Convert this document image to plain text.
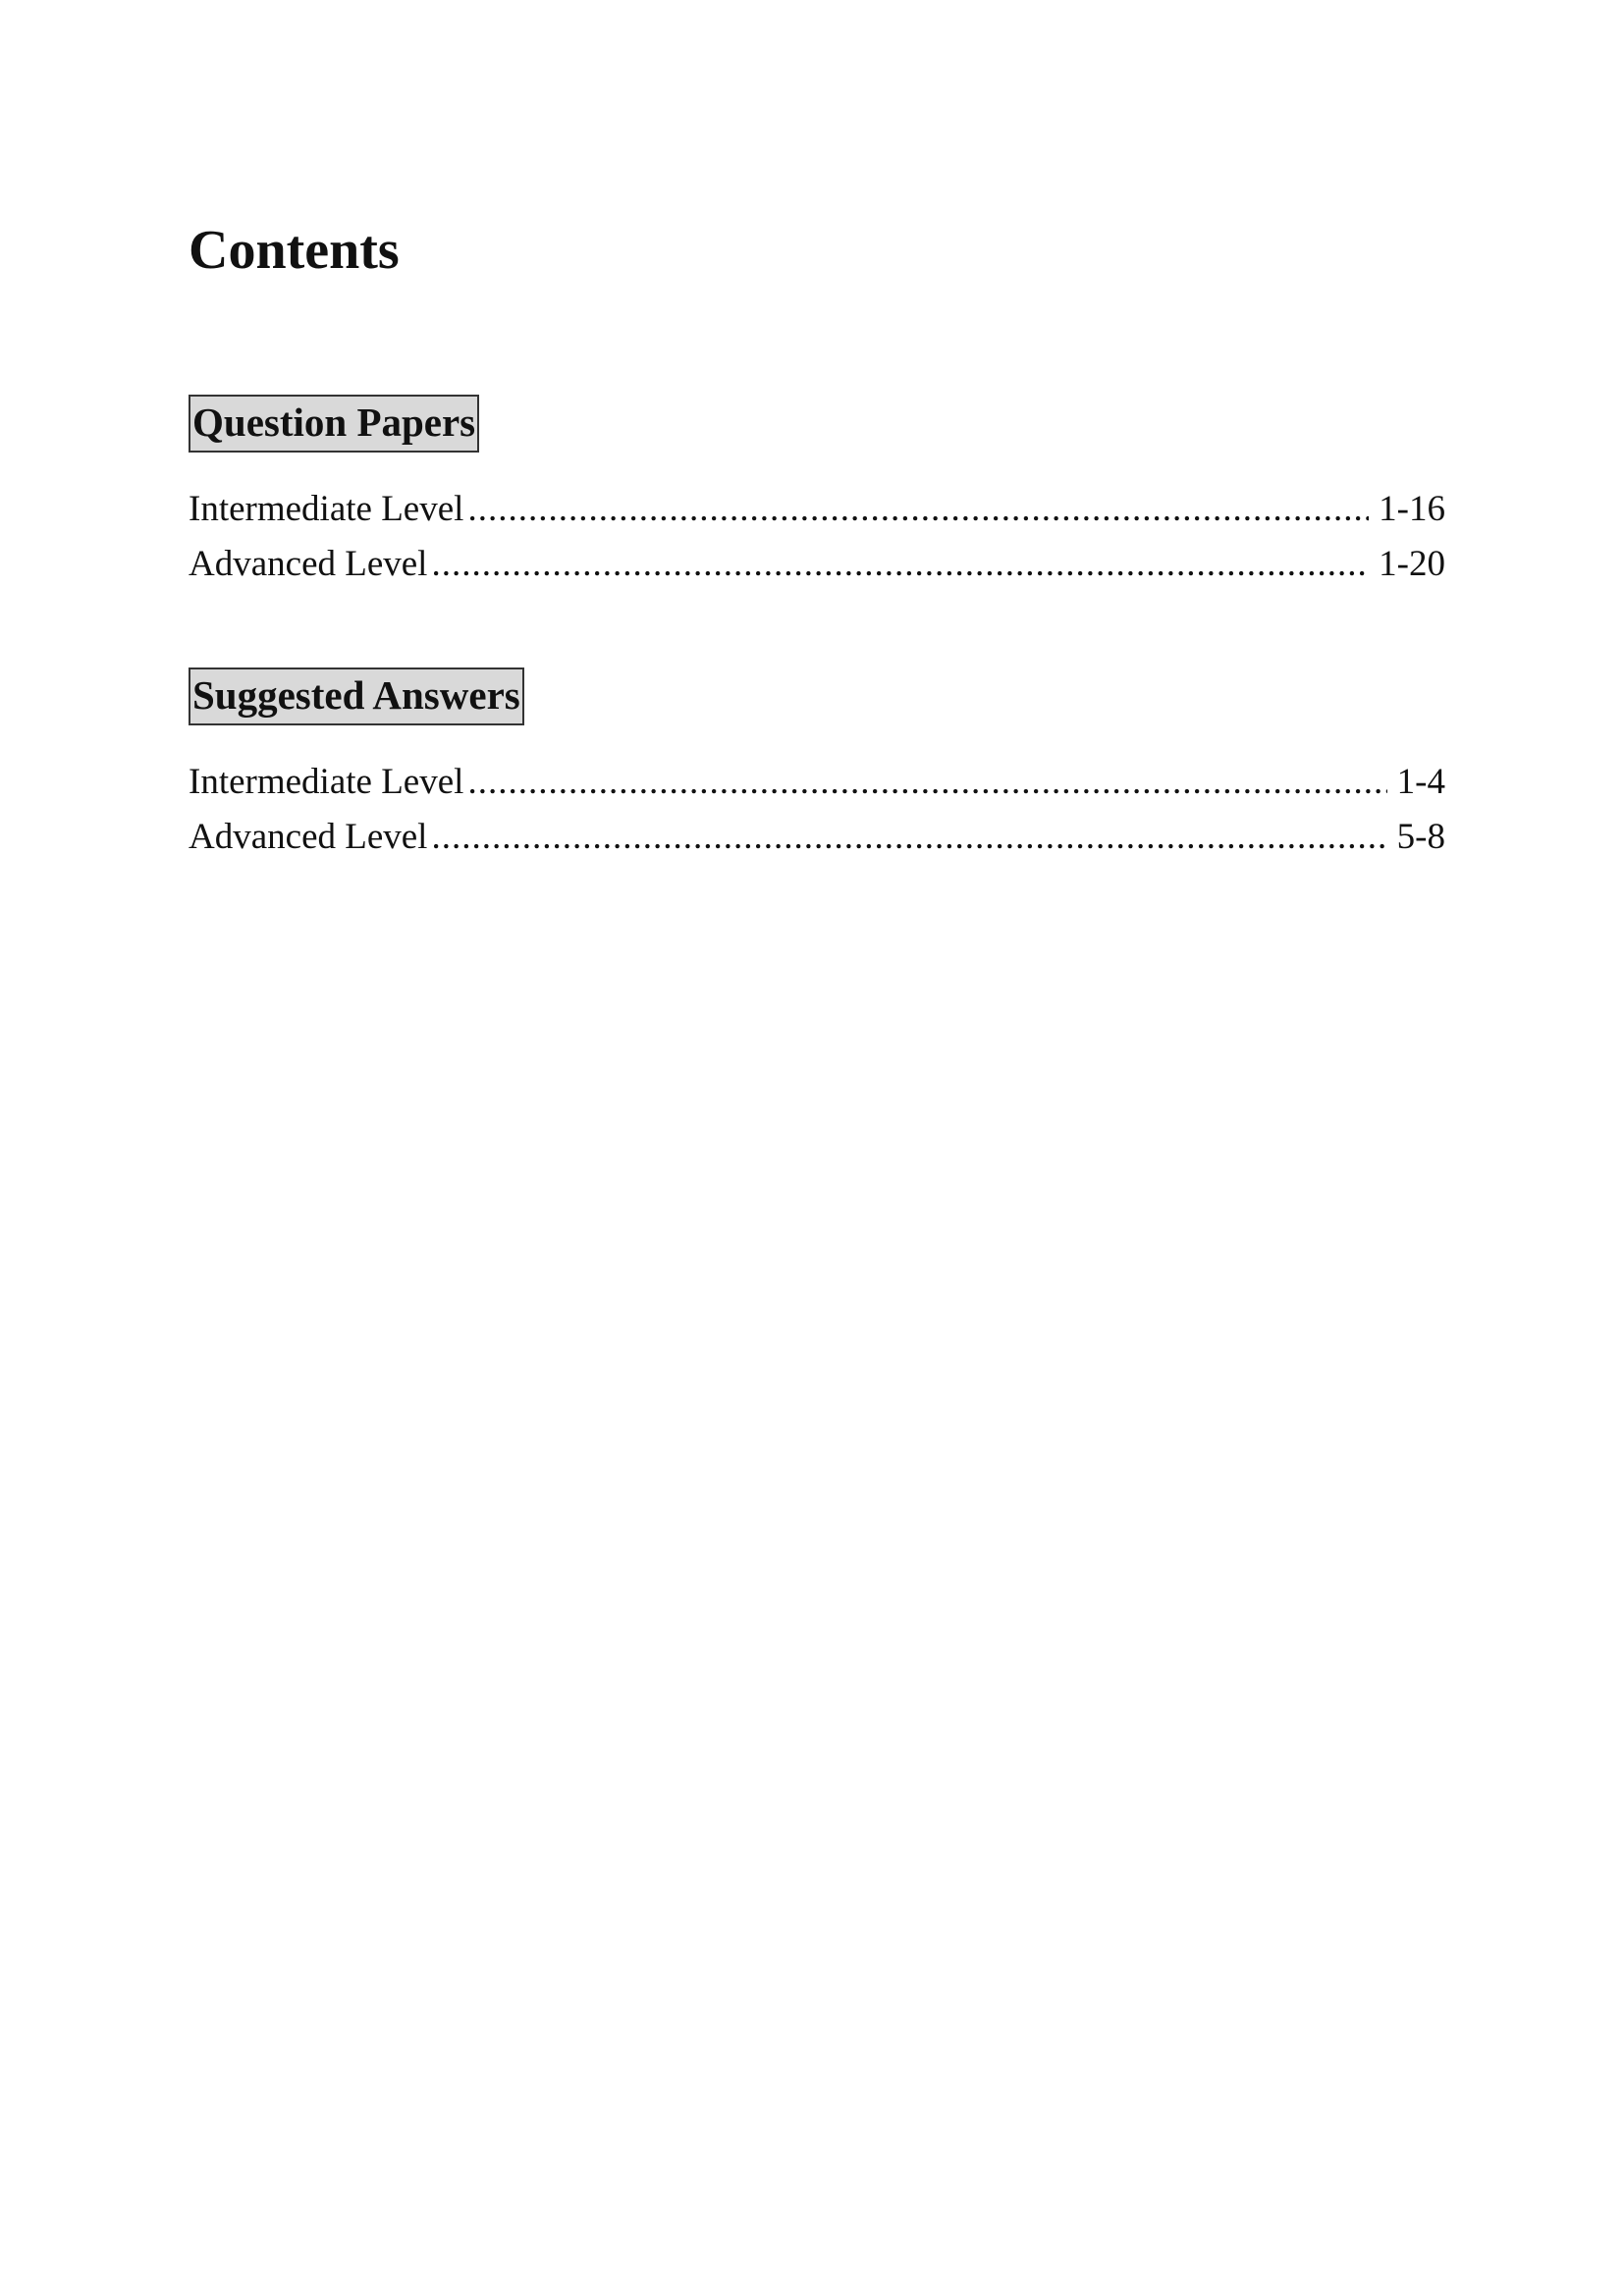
Contents
Question Papers
Intermediate Level .....	1-16
Advanced Level .....	1-20
Suggested Answers
Intermediate Level .....	1-4
Advanced Level .....	5-8
